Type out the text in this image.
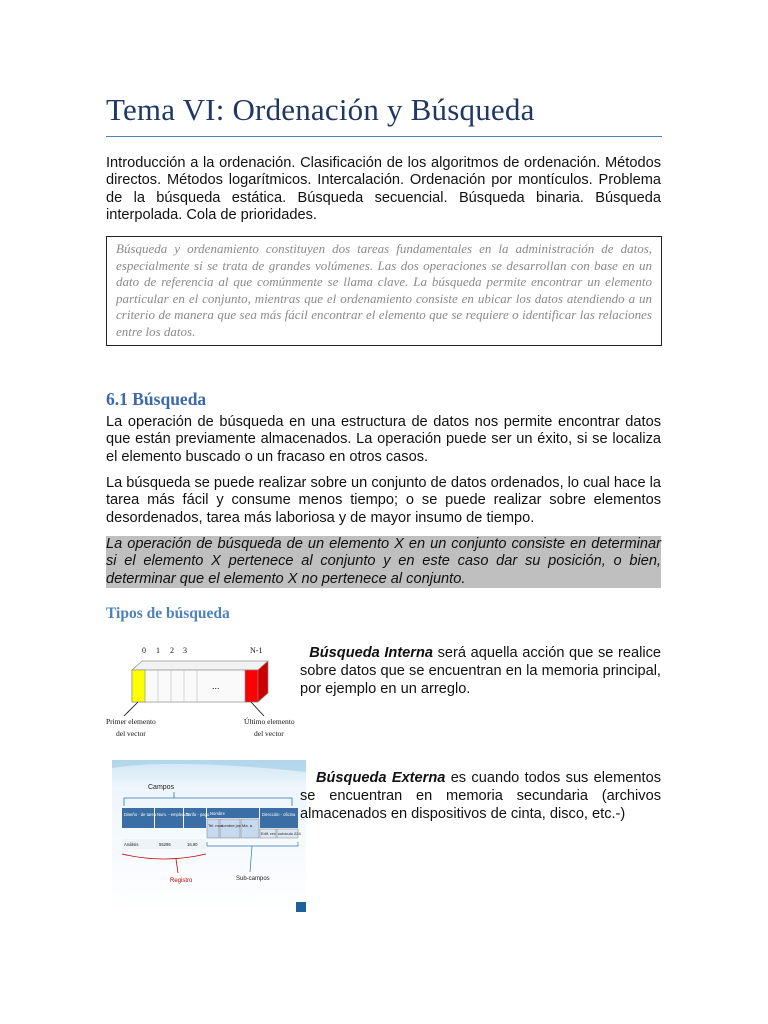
Tema VI: Ordenación y Búsqueda
Introducción a la ordenación. Clasificación de los algoritmos de ordenación. Métodos directos. Métodos logarítmicos. Intercalación. Ordenación por montículos. Problema de la búsqueda estática. Búsqueda secuencial. Búsqueda binaria. Búsqueda interpolada. Cola de prioridades.
Búsqueda y ordenamiento constituyen dos tareas fundamentales en la administración de datos, especialmente si se trata de grandes volúmenes. Las dos operaciones se desarrollan con base en un dato de referencia al que comúnmente se llama clave. La búsqueda permite encontrar un elemento particular en el conjunto, mientras que el ordenamiento consiste en ubicar los datos atendiendo a un criterio de manera que sea más fácil encontrar el elemento que se requiere o identificar las relaciones entre los datos.
6.1 Búsqueda
La operación de búsqueda en una estructura de datos nos permite encontrar datos que están previamente almacenados. La operación puede ser un éxito, si se localiza el elemento buscado o un fracaso en otros casos.
La búsqueda se puede realizar sobre un conjunto de datos ordenados, lo cual hace la tarea más fácil y consume menos tiempo; o se puede realizar sobre elementos desordenados, tarea más laboriosa y de mayor insumo de tiempo.
La operación de búsqueda de un elemento X en un conjunto consiste en determinar si el elemento X pertenece al conjunto y en este caso dar su posición, o bien, determinar que el elemento X no pertenece al conjunto.
Tipos de búsqueda
0 1 2 3	N-1
...
Primer elemento
del vector
Último elemento
del vector
Búsqueda Interna será aquella acción que se realice sobre datos que se encuentran en la memoria principal, por ejemplo en un arreglo.
Campos
Diseño - de tarea Num. - empleado
Tarifa - pago Nombre	Dirección - oficina
Tel. mod
nombre joe Ma. a
Edif. rec cubículo 224
Análisis	55296	16.90
Registro	Sub-campos
Búsqueda Externa es cuando todos sus elementos se encuentran en memoria secundaria (archivos almacenados en dispositivos de cinta, disco, etc.-)
